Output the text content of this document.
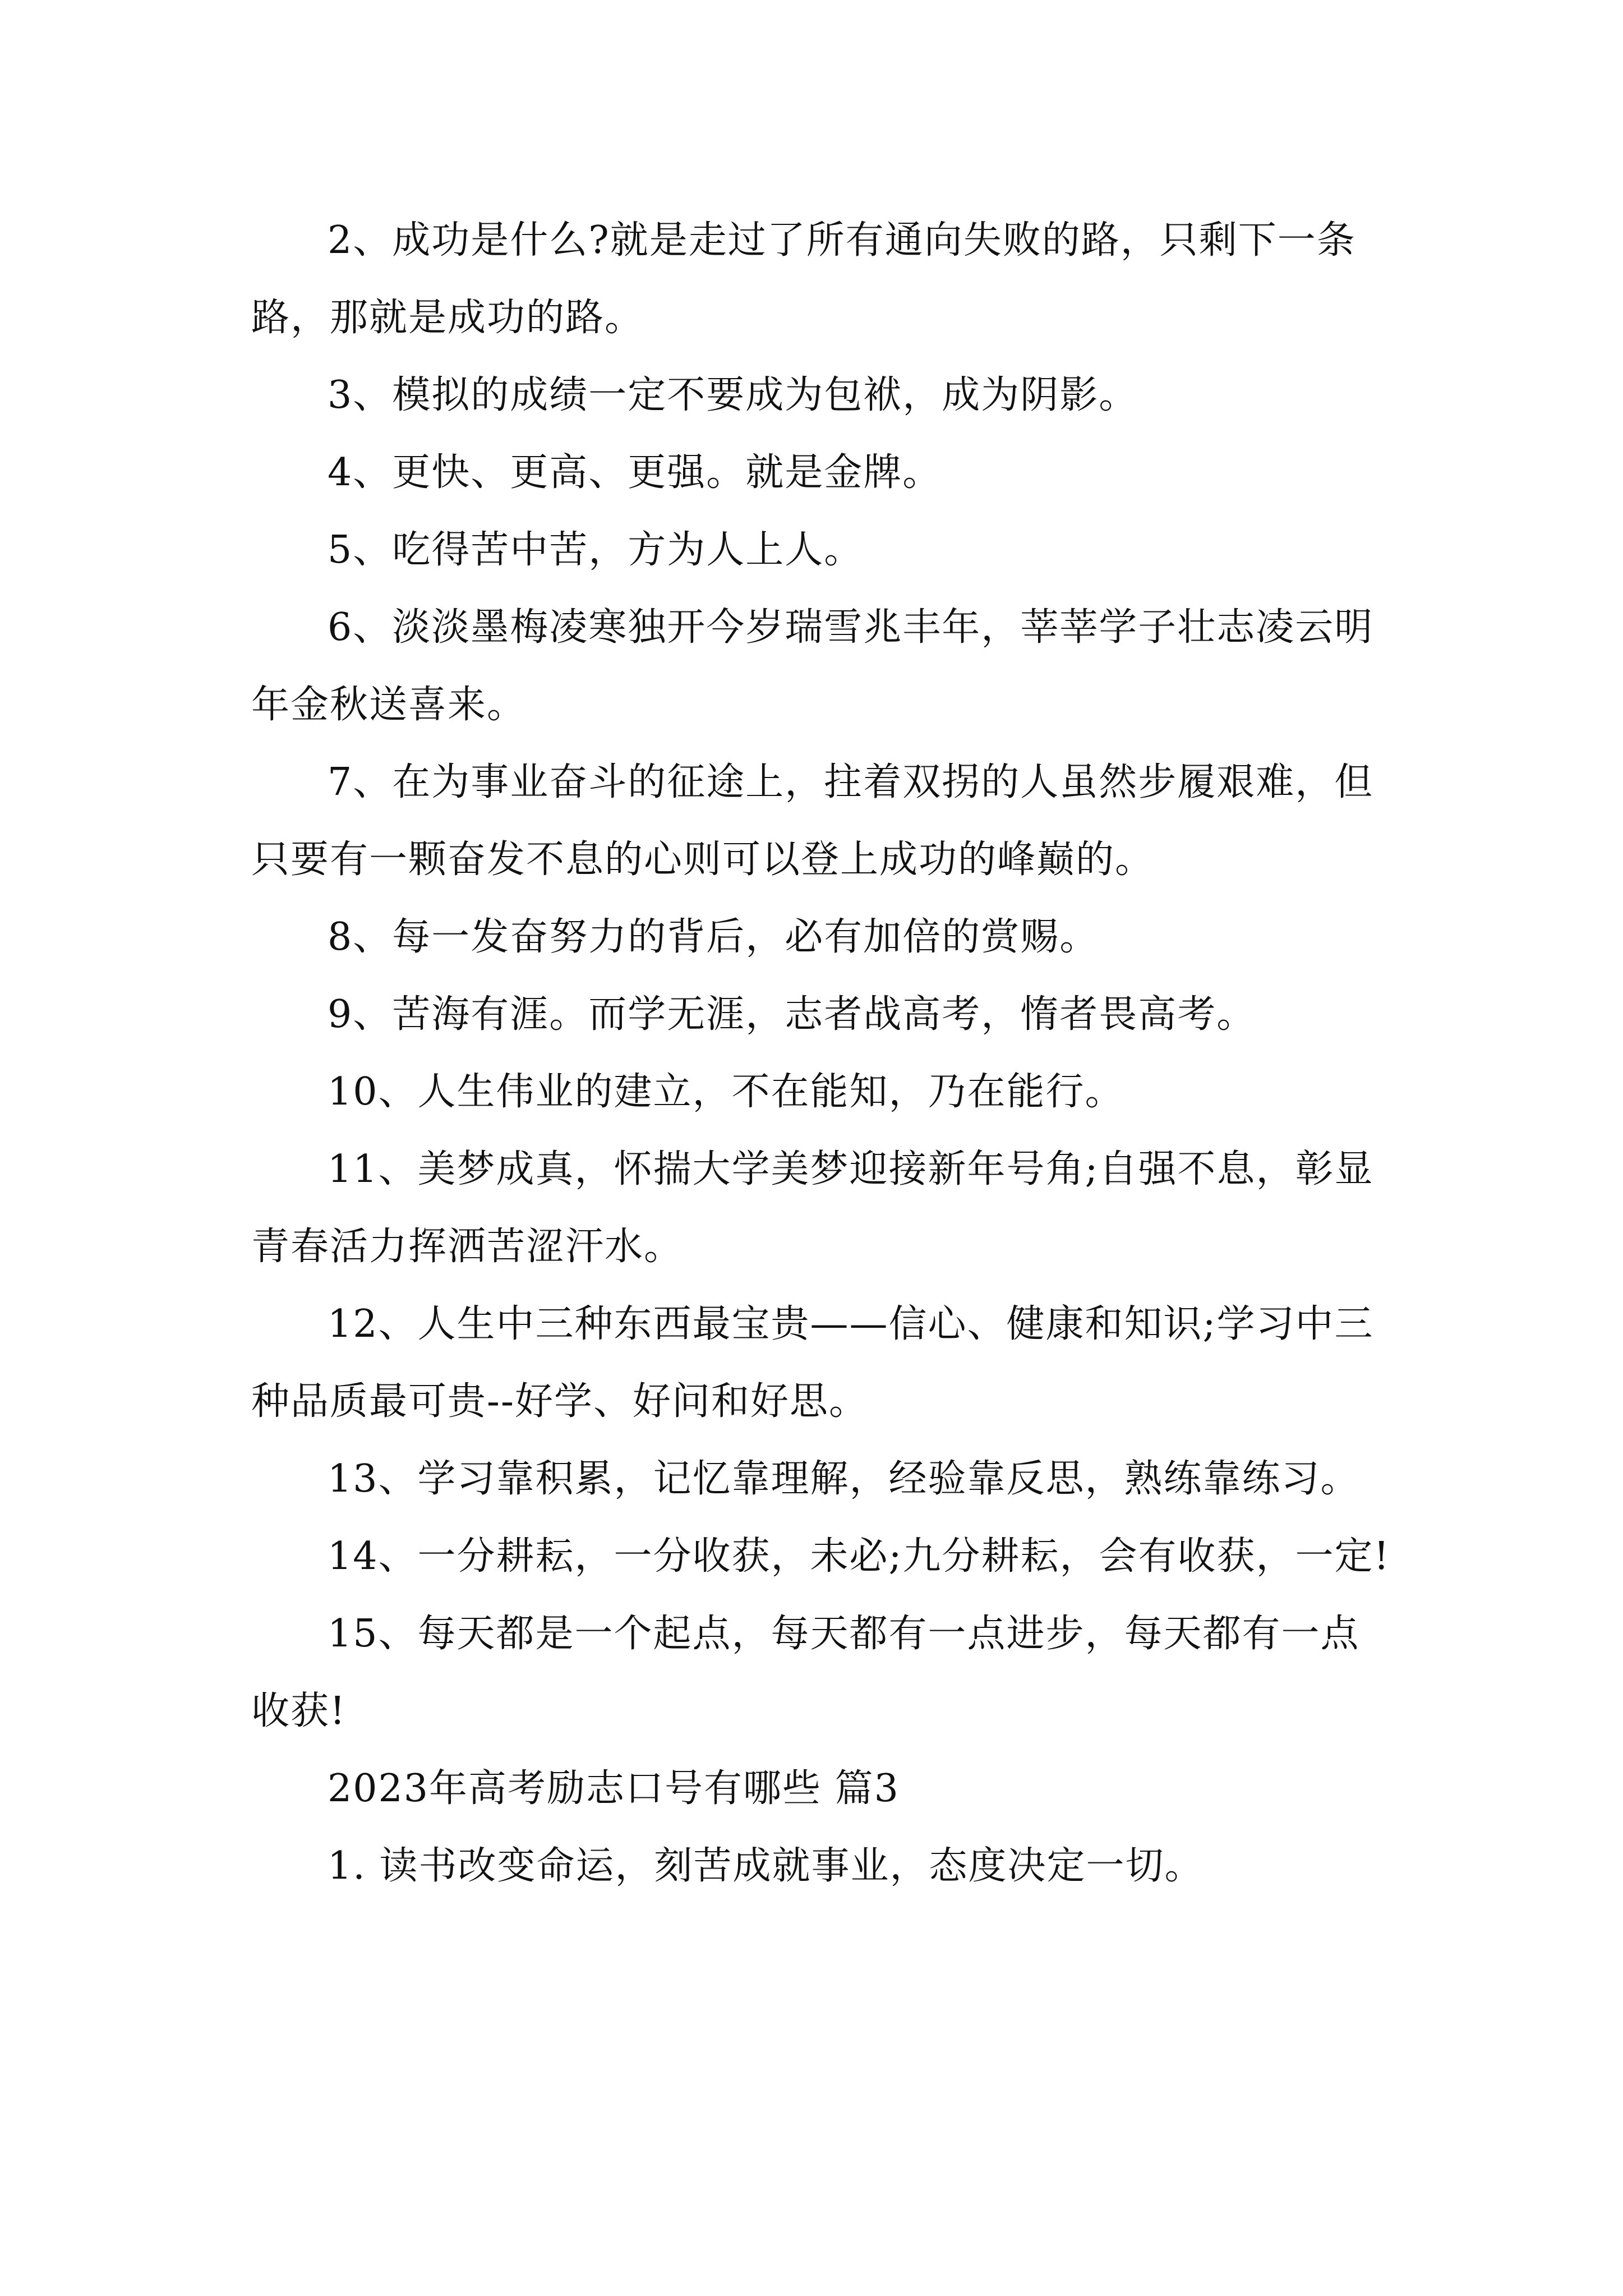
2、成功是什么?就是走过了所有通向失败的路，只剩下一条路，那就是成功的路。

3、模拟的成绩一定不要成为包袱，成为阴影。

4、更快、更高、更强。就是金牌。

5、吃得苦中苦，方为人上人。

6、淡淡墨梅凌寒独开今岁瑞雪兆丰年，莘莘学子壮志凌云明年金秋送喜来。

7、在为事业奋斗的征途上，拄着双拐的人虽然步履艰难，但只要有一颗奋发不息的心则可以登上成功的峰巅的。

8、每一发奋努力的背后，必有加倍的赏赐。

9、苦海有涯。而学无涯，志者战高考，惰者畏高考。

10、人生伟业的建立，不在能知，乃在能行。

11、美梦成真，怀揣大学美梦迎接新年号角;自强不息，彰显青春活力挥洒苦涩汗水。

12、人生中三种东西最宝贵——信心、健康和知识;学习中三种品质最可贵--好学、好问和好思。

13、学习靠积累，记忆靠理解，经验靠反思，熟练靠练习。

14、一分耕耘，一分收获，未必;九分耕耘，会有收获，一定!

15、每天都是一个起点，每天都有一点进步，每天都有一点收获!

2023年高考励志口号有哪些 篇3

1. 读书改变命运，刻苦成就事业，态度决定一切。
